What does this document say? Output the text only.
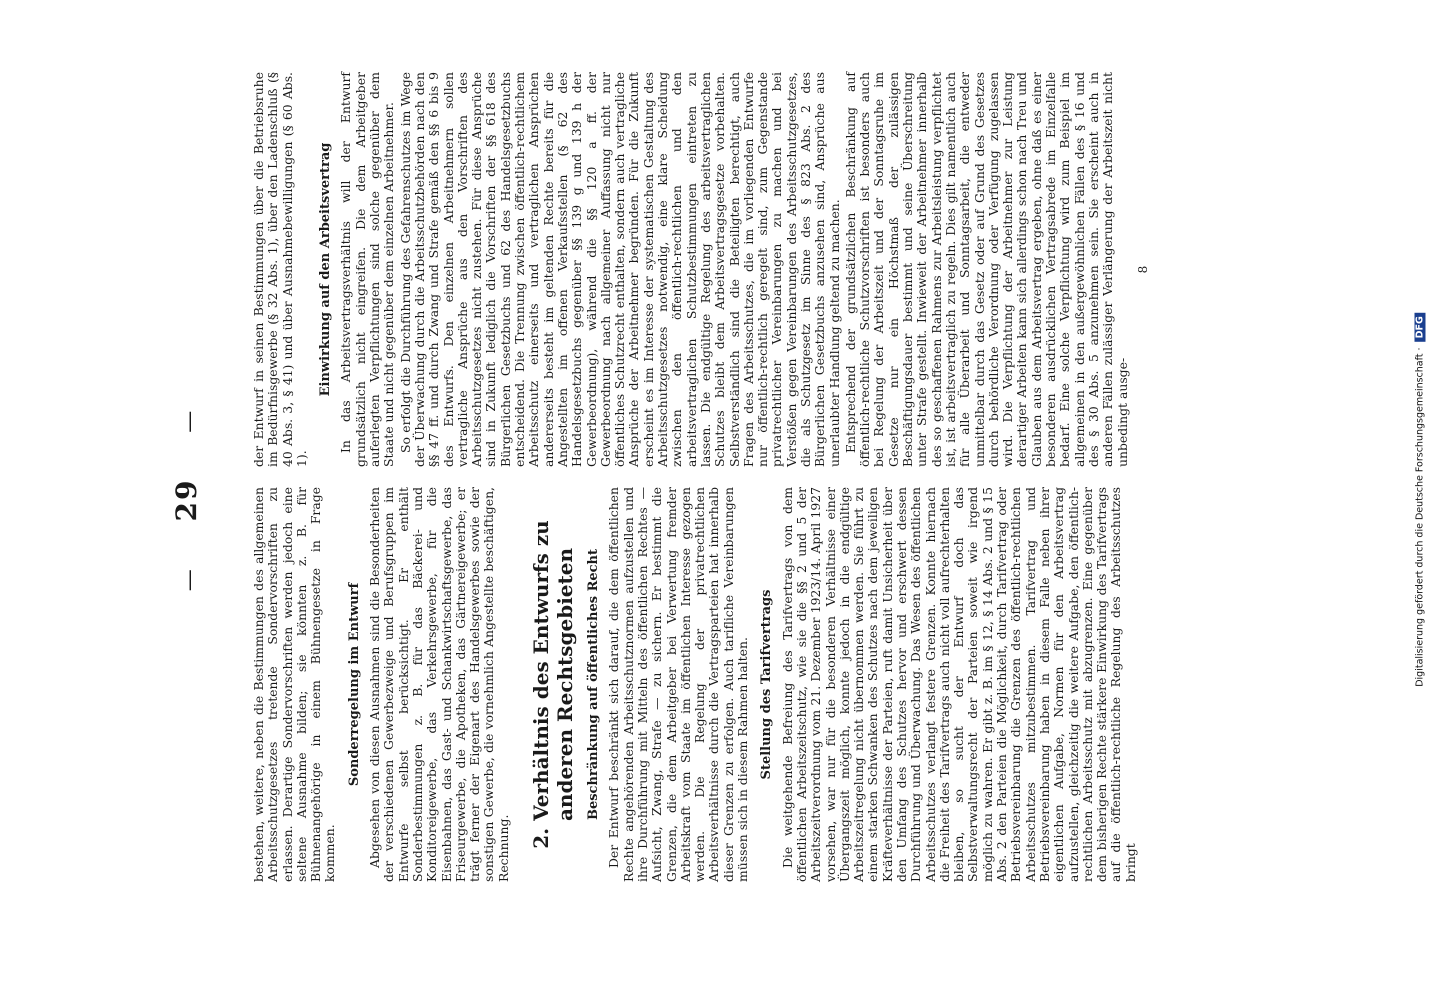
— 29 —

bestehen, weitere, neben die Bestimmungen des allgemeinen Arbeitsschutzgesetzes tretende Sondervorschriften zu erlassen. Derartige Sondervorschriften werden jedoch eine seltene Ausnahme bilden; sie könnten z. B. für Bühnenangehörige in einem Bühnengesetze in Frage kommen.

Sonderregelung im Entwurf Abgesehen von diesen Ausnahmen sind die Besonderheiten der verschiedenen Gewerbezweige und Berufsgruppen im Entwurfe selbst berücksichtigt. Er enthält Sonderbestimmungen z. B. für das Bäckerei- und Konditoreigewerbe, das Verkehrsgewerbe, für die Eisenbahnen, das Gast- und Schankwirtschaftsgewerbe, das Friseurgewerbe, die Apotheken, das Gärtnereigewerbe; er trägt ferner der Eigenart des Handelsgewerbes sowie der sonstigen Gewerbe, die vornehmlich Angestellte beschäftigen, Rechnung. 2. Verhältnis des Entwurfs zu anderen Rechtsgebieten Beschränkung auf öffentliches Recht Der Entwurf beschränkt sich darauf, die dem öffentlichen Rechte angehörenden Arbeitsschutznormen aufzustellen und ihre Durchführung mit Mitteln des öffentlichen Rechtes — Aufsicht, Zwang, Strafe — zu sichern. Er bestimmt die Grenzen, die dem Arbeitgeber bei Verwertung fremder Arbeitskraft vom Staate im öffentlichen Interesse gezogen werden. Die Regelung der privatrechtlichen Arbeitsverhältnisse durch die Vertragsparteien hat innerhalb dieser Grenzen zu erfolgen. Auch tarifliche Vereinbarungen müssen sich in diesem Rahmen halten. Stellung des Tarifvertrags Die weitgehende Befreiung des Tarifvertrags von dem öffentlichen Arbeitszeitschutz, wie sie die §§ 2 und 5 der Arbeitszeitverordnung vom 21. Dezember 1923/14. April 1927 vorsehen, war nur für die besonderen Verhältnisse einer Übergangszeit möglich, konnte jedoch in die endgültige Arbeitszeitregelung nicht übernommen werden. Sie führt zu einem starken Schwanken des Schutzes nach dem jeweiligen Kräfteverhältnisse der Parteien, ruft damit Unsicherheit über den Umfang des Schutzes hervor und erschwert dessen Durchführung und Überwachung. Das Wesen des öffentlichen Arbeitsschutzes verlangt festere Grenzen. Konnte hiernach die Freiheit des Tarifvertrags auch nicht voll aufrechterhalten bleiben, so sucht der Entwurf doch das Selbstverwaltungsrecht der Parteien soweit wie irgend möglich zu wahren. Er gibt z. B. im § 12, § 14 Abs. 2 und § 15 Abs. 2 den Parteien die Möglichkeit, durch Tarifvertrag oder Betriebsvereinbarung die Grenzen des öffentlich-rechtlichen Arbeitsschutzes mitzubestimmen. Tarifvertrag und Betriebsvereinbarung haben in diesem Falle neben ihrer eigentlichen Aufgabe, Normen für den Arbeitsvertrag aufzustellen, gleichzeitig die weitere Aufgabe, den öffentlich-rechtlichen Arbeitsschutz mit abzugrenzen. Eine gegenüber dem bisherigen Rechte stärkere Einwirkung des Tarifvertrags auf die öffentlich-rechtliche Regelung des Arbeitsschutzes bringt

der Entwurf in seinen Bestimmungen über die Betriebsruhe im Bedürfnisgewerbe (§ 32 Abs. 1), über den Ladenschluß (§ 40 Abs. 3, § 41) und über Ausnahmebewilligungen (§ 60 Abs. 1).

Einwirkung auf den Arbeitsvertrag In das Arbeitsvertragsverhältnis will der Entwurf grundsätzlich nicht eingreifen. Die dem Arbeitgeber auferlegten Verpflichtungen sind solche gegenüber dem Staate und nicht gegenüber dem einzelnen Arbeitnehmer. So erfolgt die Durchführung des Gefahrenschutzes im Wege der Überwachung durch die Arbeitsschutzbehörden nach den §§ 47 ff. und durch Zwang und Strafe gemäß den §§ 6 bis 9 des Entwurfs. Den einzelnen Arbeitnehmern sollen vertragliche Ansprüche aus den Vorschriften des Arbeitsschutzgesetzes nicht zustehen. Für diese Ansprüche sind in Zukunft lediglich die Vorschriften der §§ 618 des Bürgerlichen Gesetzbuchs und 62 des Handelsgesetzbuchs entscheidend. Die Trennung zwischen öffentlich-rechtlichem Arbeitsschutz einerseits und vertraglichen Ansprüchen andererseits besteht im geltenden Rechte bereits für die Angestellten im offenen Verkaufsstellen (§ 62 des Handelsgesetzbuchs gegenüber §§ 139 g und 139 h der Gewerbeordnung), während die §§ 120 a ff. der Gewerbeordnung nach allgemeiner Auffassung nicht nur öffentliches Schutzrecht enthalten, sondern auch vertragliche Ansprüche der Arbeitnehmer begründen. Für die Zukunft erscheint es im Interesse der systematischen Gestaltung des Arbeitsschutzgesetzes notwendig, eine klare Scheidung zwischen den öffentlich-rechtlichen und den arbeitsvertraglichen Schutzbestimmungen eintreten zu lassen. Die endgültige Regelung des arbeitsvertraglichen Schutzes bleibt dem Arbeitsvertragsgesetze vorbehalten. Selbstverständlich sind die Beteiligten berechtigt, auch Fragen des Arbeitsschutzes, die im vorliegenden Entwurfe nur öffentlich-rechtlich geregelt sind, zum Gegenstande privatrechtlicher Vereinbarungen zu machen und bei Verstößen gegen Vereinbarungen des Arbeitsschutzgesetzes, die als Schutzgesetz im Sinne des § 823 Abs. 2 des Bürgerlichen Gesetzbuchs anzusehen sind, Ansprüche aus unerlaubter Handlung geltend zu machen. Entsprechend der grundsätzlichen Beschränkung auf öffentlich-rechtliche Schutzvorschriften ist besonders auch bei Regelung der Arbeitszeit und der Sonntagsruhe im Gesetze nur ein Höchstmaß der zulässigen Beschäftigungsdauer bestimmt und seine Überschreitung unter Strafe gestellt. Inwieweit der Arbeitnehmer innerhalb des so geschaffenen Rahmens zur Arbeitsleistung verpflichtet ist, ist arbeitsvertraglich zu regeln. Dies gilt namentlich auch für alle Überarbeit und Sonntagsarbeit, die entweder unmittelbar durch das Gesetz oder auf Grund des Gesetzes durch behördliche Verordnung oder Verfügung zugelassen wird. Die Verpflichtung der Arbeitnehmer zur Leistung derartiger Arbeiten kann sich allerdings schon nach Treu und Glauben aus dem Arbeitsvertrag ergeben, ohne daß es einer besonderen ausdrücklichen Vertragsabrede im Einzelfalle bedarf. Eine solche Verpflichtung wird zum Beispiel im allgemeinen in den außergewöhnlichen Fällen des § 16 und des § 30 Abs. 5 anzunehmen sein. Sie erscheint auch in anderen Fällen zulässiger Verlängerung der Arbeitszeit nicht unbedingt ausge-

8
Digitalisierung gefördert durch die Deutsche Forschungsgemeinschaft · DFG
